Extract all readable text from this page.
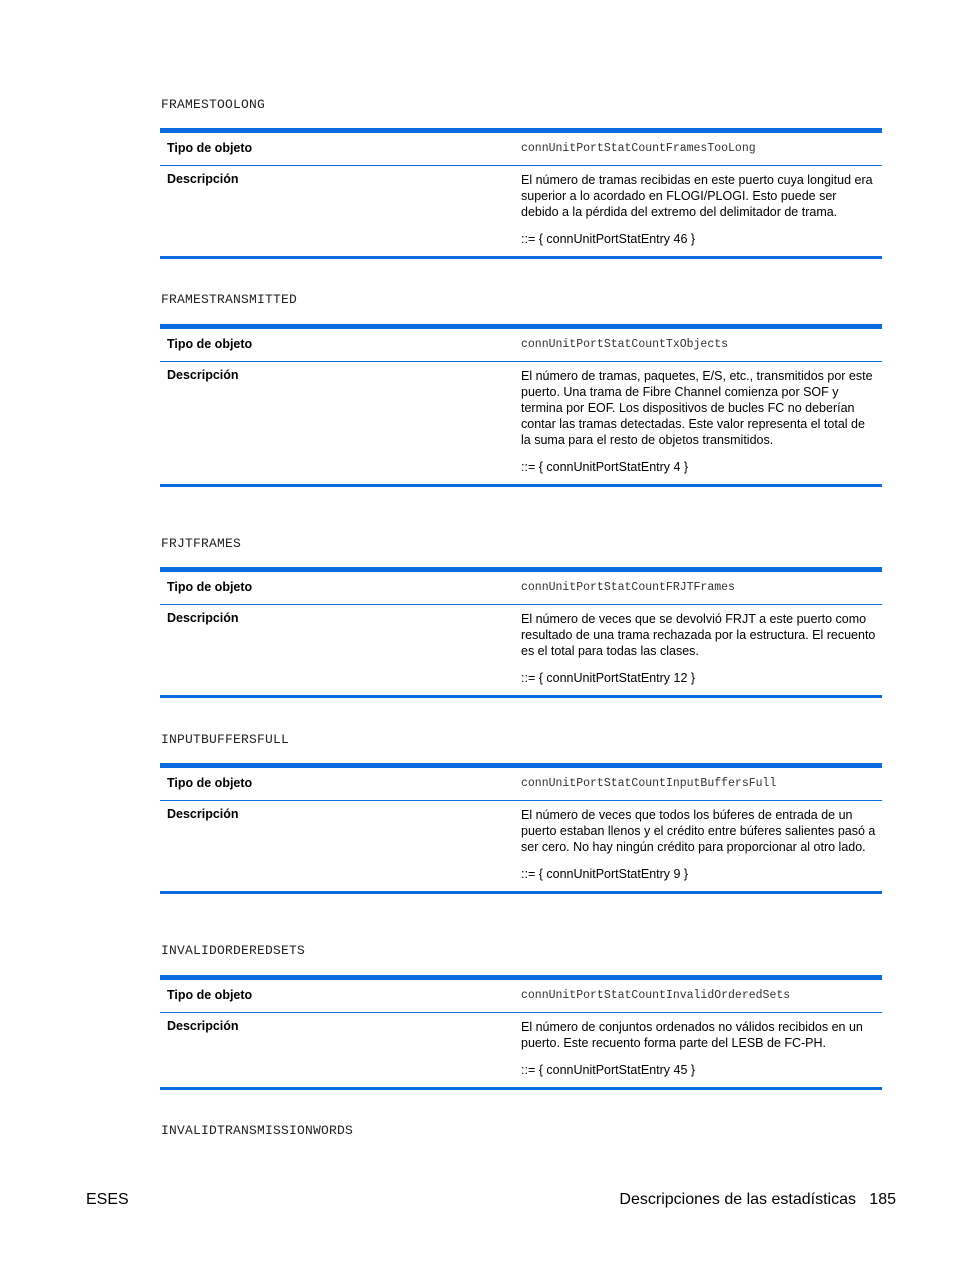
FRAMESTOOLONG
Tipo de objeto	connUnitPortStatCountFramesTooLong
Descripción	El número de tramas recibidas en este puerto cuya longitud era superior a lo acordado en FLOGI/PLOGI. Esto puede ser debido a la pérdida del extremo del delimitador de trama.

::= { connUnitPortStatEntry 46 }

FRAMESTRANSMITTED
Tipo de objeto	connUnitPortStatCountTxObjects
Descripción	El número de tramas, paquetes, E/S, etc., transmitidos por este puerto. Una trama de Fibre Channel comienza por SOF y termina por EOF. Los dispositivos de bucles FC no deberían contar las tramas detectadas. Este valor representa el total de la suma para el resto de objetos transmitidos.

::= { connUnitPortStatEntry 4 }

FRJTFRAMES
Tipo de objeto	connUnitPortStatCountFRJTFrames
Descripción	El número de veces que se devolvió FRJT a este puerto como resultado de una trama rechazada por la estructura. El recuento es el total para todas las clases.

::= { connUnitPortStatEntry 12 }

INPUTBUFFERSFULL
Tipo de objeto	connUnitPortStatCountInputBuffersFull
Descripción	El número de veces que todos los búferes de entrada de un puerto estaban llenos y el crédito entre búferes salientes pasó a ser cero. No hay ningún crédito para proporcionar al otro lado.

::= { connUnitPortStatEntry 9 }

INVALIDORDEREDSETS
Tipo de objeto	connUnitPortStatCountInvalidOrderedSets
Descripción	El número de conjuntos ordenados no válidos recibidos en un puerto. Este recuento forma parte del LESB de FC-PH.

::= { connUnitPortStatEntry 45 }

INVALIDTRANSMISSIONWORDS
ESES	Descripciones de las estadísticas   185
